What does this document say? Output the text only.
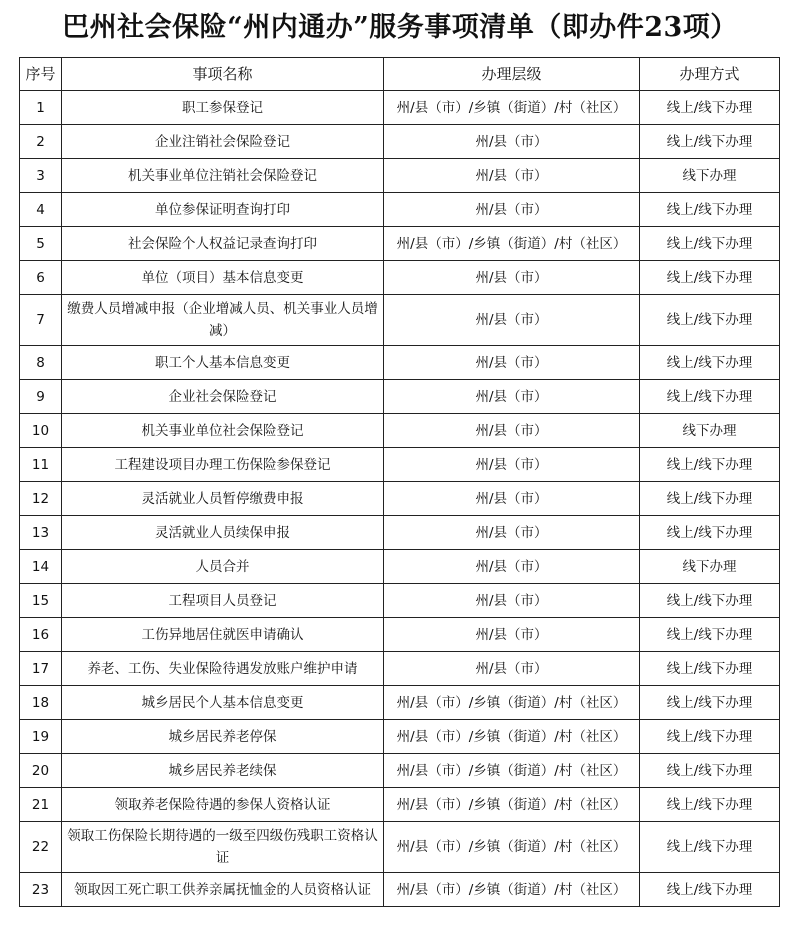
巴州社会保险“州内通办”服务事项清单（即办件23项）
序号	事项名称	办理层级	办理方式
1	职工参保登记	州/县（市）/乡镇（街道）/村（社区）	线上/线下办理
2	企业注销社会保险登记	州/县（市）	线上/线下办理
3	机关事业单位注销社会保险登记	州/县（市）	线下办理
4	单位参保证明查询打印	州/县（市）	线上/线下办理
5	社会保险个人权益记录查询打印	州/县（市）/乡镇（街道）/村（社区）	线上/线下办理
6	单位（项目）基本信息变更	州/县（市）	线上/线下办理
7	缴费人员增减申报（企业增减人员、机关事业人员增减）	州/县（市）	线上/线下办理
8	职工个人基本信息变更	州/县（市）	线上/线下办理
9	企业社会保险登记	州/县（市）	线上/线下办理
10	机关事业单位社会保险登记	州/县（市）	线下办理
11	工程建设项目办理工伤保险参保登记	州/县（市）	线上/线下办理
12	灵活就业人员暂停缴费申报	州/县（市）	线上/线下办理
13	灵活就业人员续保申报	州/县（市）	线上/线下办理
14	人员合并	州/县（市）	线下办理
15	工程项目人员登记	州/县（市）	线上/线下办理
16	工伤异地居住就医申请确认	州/县（市）	线上/线下办理
17	养老、工伤、失业保险待遇发放账户维护申请	州/县（市）	线上/线下办理
18	城乡居民个人基本信息变更	州/县（市）/乡镇（街道）/村（社区）	线上/线下办理
19	城乡居民养老停保	州/县（市）/乡镇（街道）/村（社区）	线上/线下办理
20	城乡居民养老续保	州/县（市）/乡镇（街道）/村（社区）	线上/线下办理
21	领取养老保险待遇的参保人资格认证	州/县（市）/乡镇（街道）/村（社区）	线上/线下办理
22	领取工伤保险长期待遇的一级至四级伤残职工资格认证	州/县（市）/乡镇（街道）/村（社区）	线上/线下办理
23	领取因工死亡职工供养亲属抚恤金的人员资格认证	州/县（市）/乡镇（街道）/村（社区）	线上/线下办理
